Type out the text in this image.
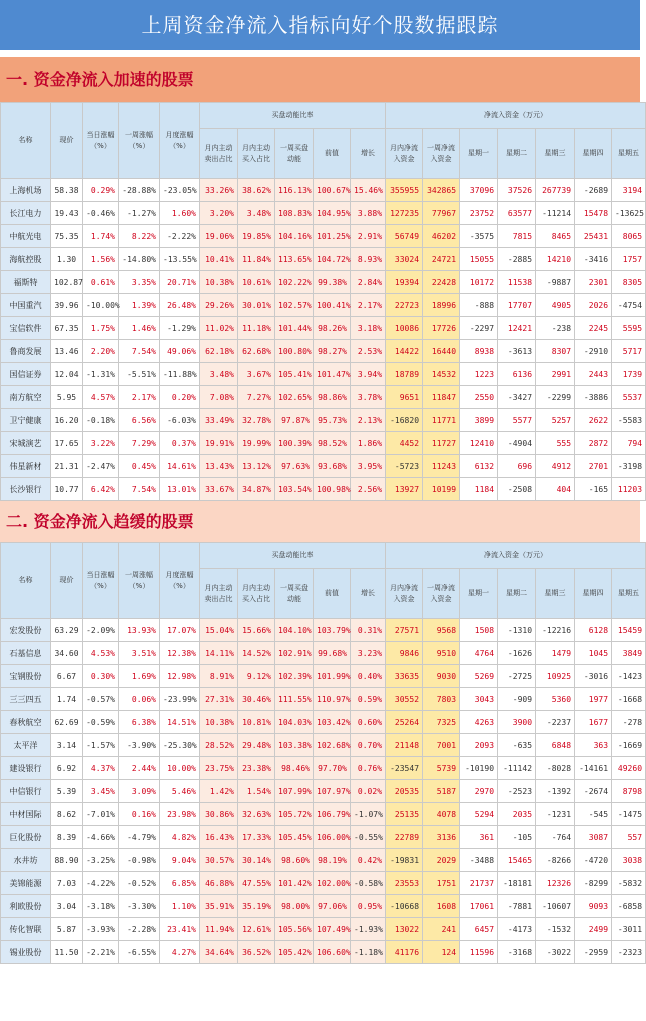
上周资金净流入指标向好个股数据跟踪
一. 资金净流入加速的股票
名称	现价	当日涨幅（%）	一周涨幅（%）	月度涨幅（%）	买盘动能比率					净流入资金（万元）						
					月内主动卖出占比	月内主动买入占比	一周买盘动能	前值	增长	月内净流入资金	一周净流入资金	星期一	星期二	星期三	星期四	星期五
上海机场	58.38	0.29%	-28.88%	-23.05%	33.26%	38.62%	116.13%	100.67%	15.46%	355955	342865	37096	37526	267739	-2689	3194
长江电力	19.43	-0.46%	-1.27%	1.60%	3.20%	3.48%	108.83%	104.95%	3.88%	127235	77967	23752	63577	-11214	15478	-13625
中航光电	75.35	1.74%	8.22%	-2.22%	19.06%	19.85%	104.16%	101.25%	2.91%	56749	46202	-3575	7815	8465	25431	8065
海航控股	1.30	1.56%	-14.80%	-13.55%	10.41%	11.84%	113.65%	104.72%	8.93%	33024	24721	15055	-2885	14210	-3416	1757
福斯特	102.87	0.61%	3.35%	20.71%	10.38%	10.61%	102.22%	99.38%	2.84%	19394	22428	10172	11538	-9887	2301	8305
中国重汽	39.96	-10.00%	1.39%	26.48%	29.26%	30.01%	102.57%	100.41%	2.17%	22723	18996	-888	17707	4905	2026	-4754
宝信软件	67.35	1.75%	1.46%	-1.29%	11.02%	11.18%	101.44%	98.26%	3.18%	10086	17726	-2297	12421	-238	2245	5595
鲁商发展	13.46	2.20%	7.54%	49.06%	62.18%	62.68%	100.80%	98.27%	2.53%	14422	16440	8938	-3613	8307	-2910	5717
国信证券	12.04	-1.31%	-5.51%	-11.88%	3.48%	3.67%	105.41%	101.47%	3.94%	18789	14532	1223	6136	2991	2443	1739
南方航空	5.95	4.57%	2.17%	0.20%	7.08%	7.27%	102.65%	98.86%	3.78%	9651	11847	2550	-3427	-2299	-3886	5537
卫宁健康	16.20	-0.18%	6.56%	-6.03%	33.49%	32.78%	97.87%	95.73%	2.13%	-16820	11771	3899	5577	5257	2622	-5583
宋城演艺	17.65	3.22%	7.29%	0.37%	19.91%	19.99%	100.39%	98.52%	1.86%	4452	11727	12410	-4904	555	2872	794
伟星新材	21.31	-2.47%	0.45%	14.61%	13.43%	13.12%	97.63%	93.68%	3.95%	-5723	11243	6132	696	4912	2701	-3198
长沙银行	10.77	6.42%	7.54%	13.01%	33.67%	34.87%	103.54%	100.98%	2.56%	13927	10199	1184	-2508	404	-165	11203
二. 资金净流入趋缓的股票
名称	现价	当日涨幅（%）	一周涨幅（%）	月度涨幅（%）	买盘动能比率					净流入资金（万元）						
					月内主动卖出占比	月内主动买入占比	一周买盘动能	前值	增长	月内净流入资金	一周净流入资金	星期一	星期二	星期三	星期四	星期五
宏发股份	63.29	-2.09%	13.93%	17.07%	15.04%	15.66%	104.10%	103.79%	0.31%	27571	9568	1508	-1310	-12216	6128	15459
石基信息	34.60	4.53%	3.51%	12.38%	14.11%	14.52%	102.91%	99.68%	3.23%	9846	9510	4764	-1626	1479	1045	3849
宝钢股份	6.67	0.30%	1.69%	12.98%	8.91%	9.12%	102.39%	101.99%	0.40%	33635	9030	5269	-2725	10925	-3016	-1423
三三四五	1.74	-0.57%	0.06%	-23.99%	27.31%	30.46%	111.55%	110.97%	0.59%	30552	7803	3043	-909	5360	1977	-1668
春秋航空	62.69	-0.59%	6.38%	14.51%	10.38%	10.81%	104.03%	103.42%	0.60%	25264	7325	4263	3900	-2237	1677	-278
太平洋	3.14	-1.57%	-3.90%	-25.30%	28.52%	29.48%	103.38%	102.68%	0.70%	21148	7001	2093	-635	6848	363	-1669
建设银行	6.92	4.37%	2.44%	10.00%	23.75%	23.38%	98.46%	97.70%	0.76%	-23547	5739	-10190	-11142	-8028	-14161	49260
中信银行	5.39	3.45%	3.09%	5.46%	1.42%	1.54%	107.99%	107.97%	0.02%	20535	5187	2970	-2523	-1392	-2674	8798
中材国际	8.62	-7.01%	0.16%	23.98%	30.86%	32.63%	105.72%	106.79%	-1.07%	25135	4078	5294	2035	-1231	-545	-1475
巨化股份	8.39	-4.66%	-4.79%	4.82%	16.43%	17.33%	105.45%	106.00%	-0.55%	22789	3136	361	-105	-764	3087	557
水井坊	88.90	-3.25%	-0.98%	9.04%	30.57%	30.14%	98.60%	98.19%	0.42%	-19831	2029	-3488	15465	-8266	-4720	3038
美锦能源	7.03	-4.22%	-0.52%	6.85%	46.88%	47.55%	101.42%	102.00%	-0.58%	23553	1751	21737	-18181	12326	-8299	-5832
利欧股份	3.04	-3.18%	-3.30%	1.10%	35.91%	35.19%	98.00%	97.06%	0.95%	-10668	1608	17061	-7881	-10607	9093	-6858
传化智联	5.87	-3.93%	-2.28%	23.41%	11.94%	12.61%	105.56%	107.49%	-1.93%	13022	241	6457	-4173	-1532	2499	-3011
锡业股份	11.50	-2.21%	-6.55%	4.27%	34.64%	36.52%	105.42%	106.60%	-1.18%	41176	124	11596	-3168	-3022	-2959	-2323
